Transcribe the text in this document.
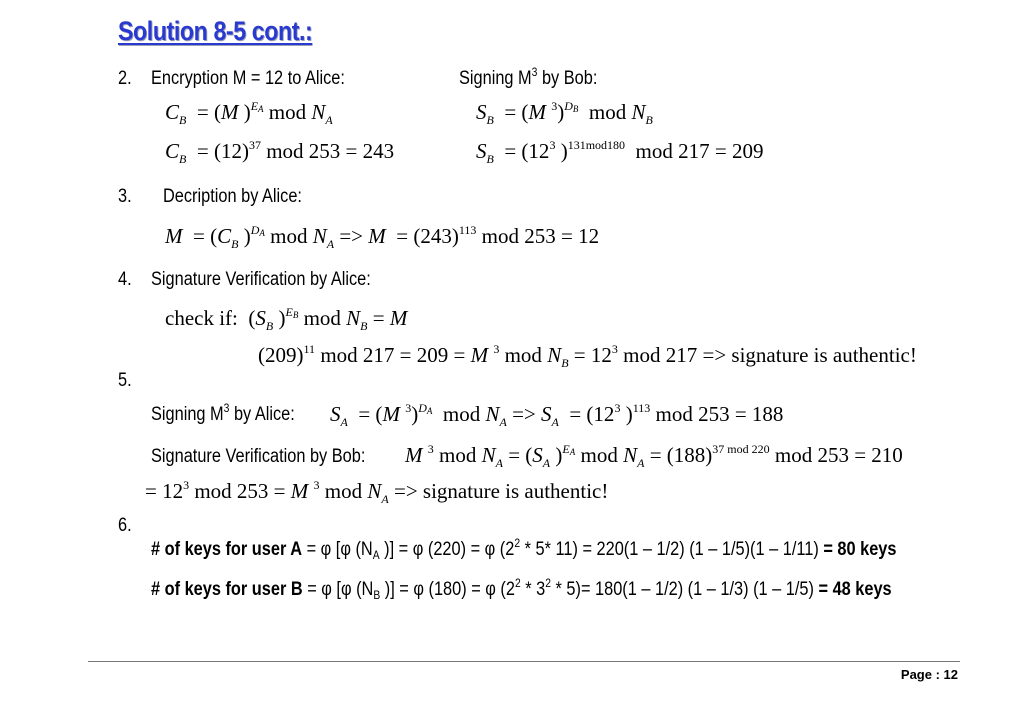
Solution 8-5 cont.:
2. Encryption M = 12 to Alice:	Signing $M^3$ by Bob:
$C_B = (M$ )$^{E_A}$ mod $N_A$	$S_B = (M$ $^3$)$^{D_B}$  mod $N_B$
$C_B = (12)^{37}$ mod 253 = 243	$S_B = (12^3$ )$^{131mod180}$  mod 217 = 209
3. Decription by Alice:
$M = (C_B$ )$^{D_A}$ mod $N_A => M = (243)^{113}$ mod 253 = 12
4. Signature Verification by Alice:
check if:  ($S_B$ )$^{E_B}$ mod $N_B = M$
$(209)^{11}$ mod 217 = 209 = M $^3$ mod $N_B = 12^3$ mod 217 => signature is authentic!
5.
Signing $M^3$ by Alice: $S_A = (M$ $^3$)$^{D_A}$  mod $N_A => S_A = (12^3$ )$^{113}$ mod 253 = 188
Signature Verification by Bob: M $^3$ mod $N_A = (S_A$ )$^{E_A}$ mod $N_A = (188)^{37 mod 220}$ mod 253 = 210
= $12^3$ mod 253 = M $^3$ mod $N_A$ => signature is authentic!
6.
# of keys for user A = φ [φ ($N_A$ )] = φ (220) = φ ($2^2 * 5*$ 11) = 220(1 – 1/2) (1 – 1/5)(1 – 1/11) = 80 keys
# of keys for user B = φ [φ ($N_B$ )] = φ (180) = φ $(2^2 * 3^2 * 5)= 180(1 - 1/2)$ (1 – 1/3) (1 – 1/5) = 48 keys
Page : 12
